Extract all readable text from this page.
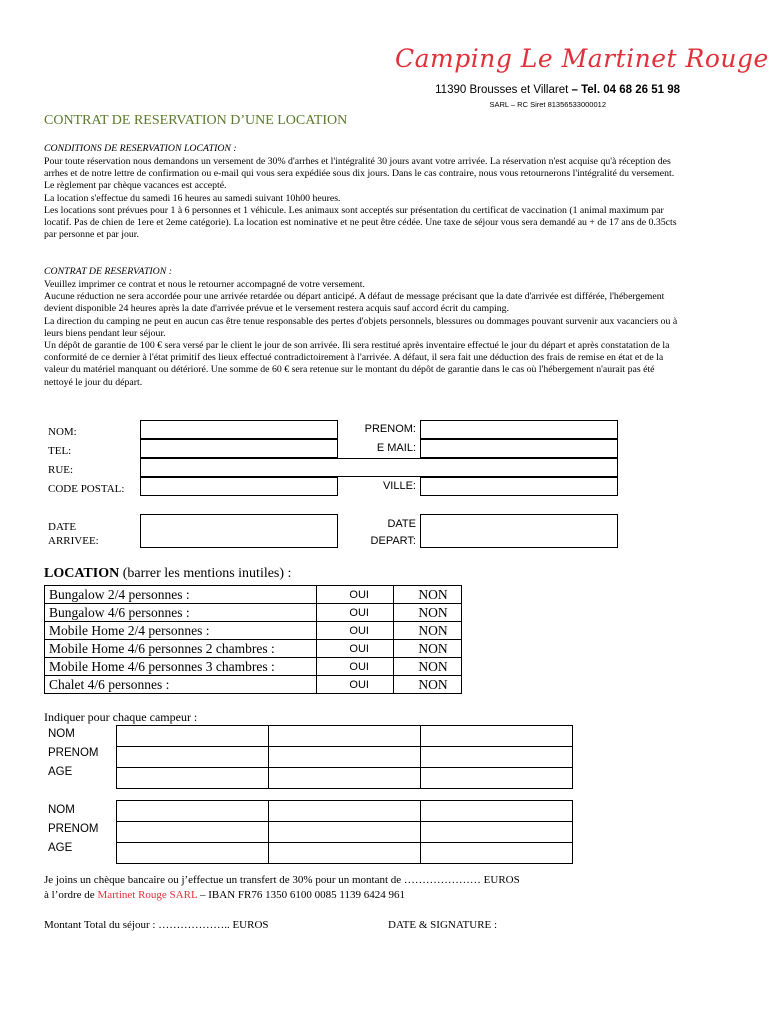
Camping Le Martinet Rouge
11390 Brousses et Villaret – Tel. 04 68 26 51 98
SARL – RC Siret 81356533000012
CONTRAT DE RESERVATION D’UNE LOCATION
CONDITIONS DE RESERVATION LOCATION :

Pour toute réservation nous demandons un versement de 30% d'arrhes et l'intégralité 30 jours avant votre arrivée. La réservation n'est acquise qu'à réception des arrhes et de notre lettre de confirmation ou e-mail qui vous sera expédiée sous dix jours. Dans le cas contraire, nous vous retournerons l'intégralité du versement. Le règlement par chèque vacances est accepté.

La location s'effectue du samedi 16 heures au samedi suivant 10h00 heures.

Les locations sont prévues pour 1 à 6 personnes et 1 véhicule. Les animaux sont acceptés sur présentation du certificat de vaccination (1 animal maximum par locatif. Pas de chien de 1ere et 2eme catégorie). La location est nominative et ne peut être cédée. Une taxe de séjour vous sera demandé au + de 17 ans de 0.35cts par personne et par jour.

CONTRAT DE RESERVATION :

Veuillez imprimer ce contrat et nous le retourner accompagné de votre versement.

Aucune réduction ne sera accordée pour une arrivée retardée ou départ anticipé. A défaut de message précisant que la date d'arrivée est différée, l'hébergement devient disponible 24 heures après la date d'arrivée prévue et le versement restera acquis sauf accord écrit du camping.

La direction du camping ne peut en aucun cas être tenue responsable des pertes d'objets personnels, blessures ou dommages pouvant survenir aux vacanciers ou à leurs biens pendant leur séjour.

Un dépôt de garantie de 100 € sera versé par le client le jour de son arrivée. Ili sera restitué après inventaire effectué le jour du départ et après constatation de la conformité de ce dernier à l'état primitif des lieux effectué contradictoirement à l'arrivée. A défaut, il sera fait une déduction des frais de remise en état et de la valeur du matériel manquant ou détérioré. Une somme de 60 € sera retenue sur le montant du dépôt de garantie dans le cas où l'hébergement n'aurait pas été nettoyé le jour du départ.

NOM:	PRENOM:
TEL:	E MAIL:
RUE:
CODE POSTAL:	VILLE:
DATE
ARRIVEE:
DATE
DEPART:
LOCATION (barrer les mentions inutiles) :
Bungalow 2/4 personnes :	OUI	NON
Bungalow 4/6 personnes :	OUI	NON
Mobile Home 2/4 personnes :	OUI	NON
Mobile Home 4/6 personnes 2 chambres :	OUI	NON
Mobile Home 4/6 personnes 3 chambres :	OUI	NON
Chalet 4/6 personnes :	OUI	NON
Indiquer pour chaque campeur :
NOM
PRENOM
AGE

NOM
PRENOM
AGE

Je joins un chèque bancaire ou j’effectue un transfert de 30% pour un montant de ………………… EUROS
à l’ordre de Martinet Rouge SARL – IBAN FR76 1350 6100 0085 1139 6424 961
Montant Total du séjour : ……………….. EUROS	DATE & SIGNATURE :
